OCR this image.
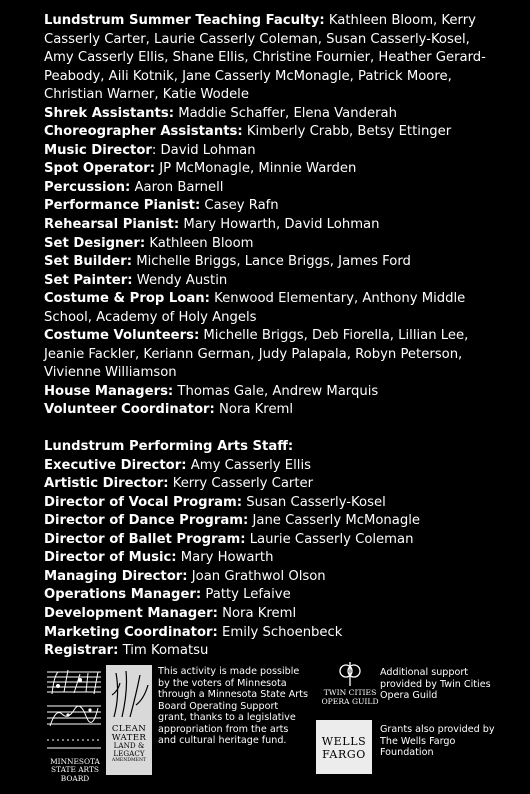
Lundstrum Summer Teaching Faculty: Kathleen Bloom, Kerry Casserly Carter, Laurie Casserly Coleman, Susan Casserly-Kosel, Amy Casserly Ellis, Shane Ellis, Christine Fournier, Heather Gerard-Peabody, Aili Kotnik, Jane Casserly McMonagle, Patrick Moore, Christian Warner, Katie Wodele

Shrek Assistants: Maddie Schaffer, Elena Vanderah

Choreographer Assistants: Kimberly Crabb, Betsy Ettinger

Music Director: David Lohman

Spot Operator: JP McMonagle, Minnie Warden

Percussion: Aaron Barnell

Performance Pianist: Casey Rafn

Rehearsal Pianist: Mary Howarth, David Lohman

Set Designer: Kathleen Bloom

Set Builder: Michelle Briggs, Lance Briggs, James Ford

Set Painter: Wendy Austin

Costume & Prop Loan: Kenwood Elementary, Anthony Middle School, Academy of Holy Angels

Costume Volunteers: Michelle Briggs, Deb Fiorella, Lillian Lee, Jeanie Fackler, Keriann German, Judy Palapala, Robyn Peterson, Vivienne Williamson

House Managers: Thomas Gale, Andrew Marquis

Volunteer Coordinator: Nora Kreml

Lundstrum Performing Arts Staff:

Executive Director: Amy Casserly Ellis

Artistic Director: Kerry Casserly Carter

Director of Vocal Program: Susan Casserly-Kosel

Director of Dance Program: Jane Casserly McMonagle

Director of Ballet Program: Laurie Casserly Coleman

Director of Music: Mary Howarth

Managing Director: Joan Grathwol Olson

Operations Manager: Patty Lefaive

Development Manager: Nora Kreml

Marketing Coordinator: Emily Schoenbeck

Registrar: Tim Komatsu

MINNESOTA
STATE ARTS BOARD
CLEAN
WATER
LAND &
LEGACY
AMENDMENT
This activity is made possible by the voters of Minnesota through a Minnesota State Arts Board Operating Support grant, thanks to a legislative appropriation from the arts and cultural heritage fund.
TWIN CITIES
OPERA GUILD
Additional support provided by Twin Cities Opera Guild
WELLS
FARGO
Grants also provided by The Wells Fargo Foundation
